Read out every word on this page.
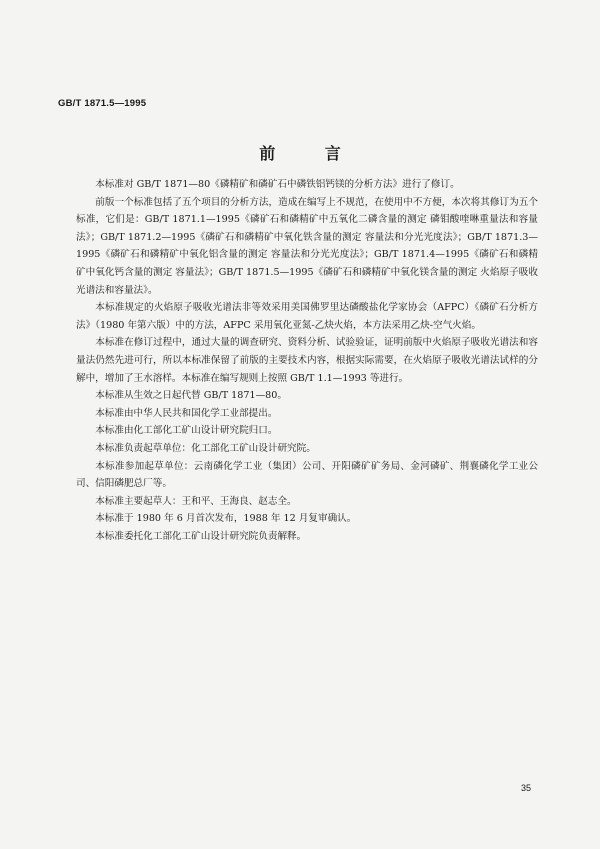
GB/T 1871.5—1995
前 言

本标准对 GB/T 1871—80《磷精矿和磷矿石中磷铁铝钙镁的分析方法》进行了修订。

前版一个标准包括了五个项目的分析方法，造成在编写上不规范，在使用中不方便，本次将其修订为五个标准，它们是：GB/T 1871.1—1995《磷矿石和磷精矿中五氧化二磷含量的测定 磷钼酸喹啉重量法和容量法》；GB/T 1871.2—1995《磷矿石和磷精矿中氧化铁含量的测定 容量法和分光光度法》；GB/T 1871.3—1995《磷矿石和磷精矿中氧化铝含量的测定 容量法和分光光度法》；GB/T 1871.4—1995《磷矿石和磷精矿中氧化钙含量的测定 容量法》；GB/T 1871.5—1995《磷矿石和磷精矿中氧化镁含量的测定 火焰原子吸收光谱法和容量法》。

本标准规定的火焰原子吸收光谱法非等效采用美国佛罗里达磷酸盐化学家协会（AFPC）《磷矿石分析方法》（1980 年第六版）中的方法，AFPC 采用氧化亚氮-乙炔火焰，本方法采用乙炔-空气火焰。

本标准在修订过程中，通过大量的调查研究、资料分析、试验验证，证明前版中火焰原子吸收光谱法和容量法仍然先进可行，所以本标准保留了前版的主要技术内容，根据实际需要，在火焰原子吸收光谱法试样的分解中，增加了王水溶样。本标准在编写规则上按照 GB/T 1.1—1993 等进行。

本标准从生效之日起代替 GB/T 1871—80。

本标准由中华人民共和国化学工业部提出。

本标准由化工部化工矿山设计研究院归口。

本标准负责起草单位：化工部化工矿山设计研究院。

本标准参加起草单位：云南磷化学工业（集团）公司、开阳磷矿矿务局、金河磷矿、荆襄磷化学工业公司、信阳磷肥总厂等。

本标准主要起草人：王和平、王海良、赵志全。

本标准于 1980 年 6 月首次发布，1988 年 12 月复审确认。

本标准委托化工部化工矿山设计研究院负责解释。

35
